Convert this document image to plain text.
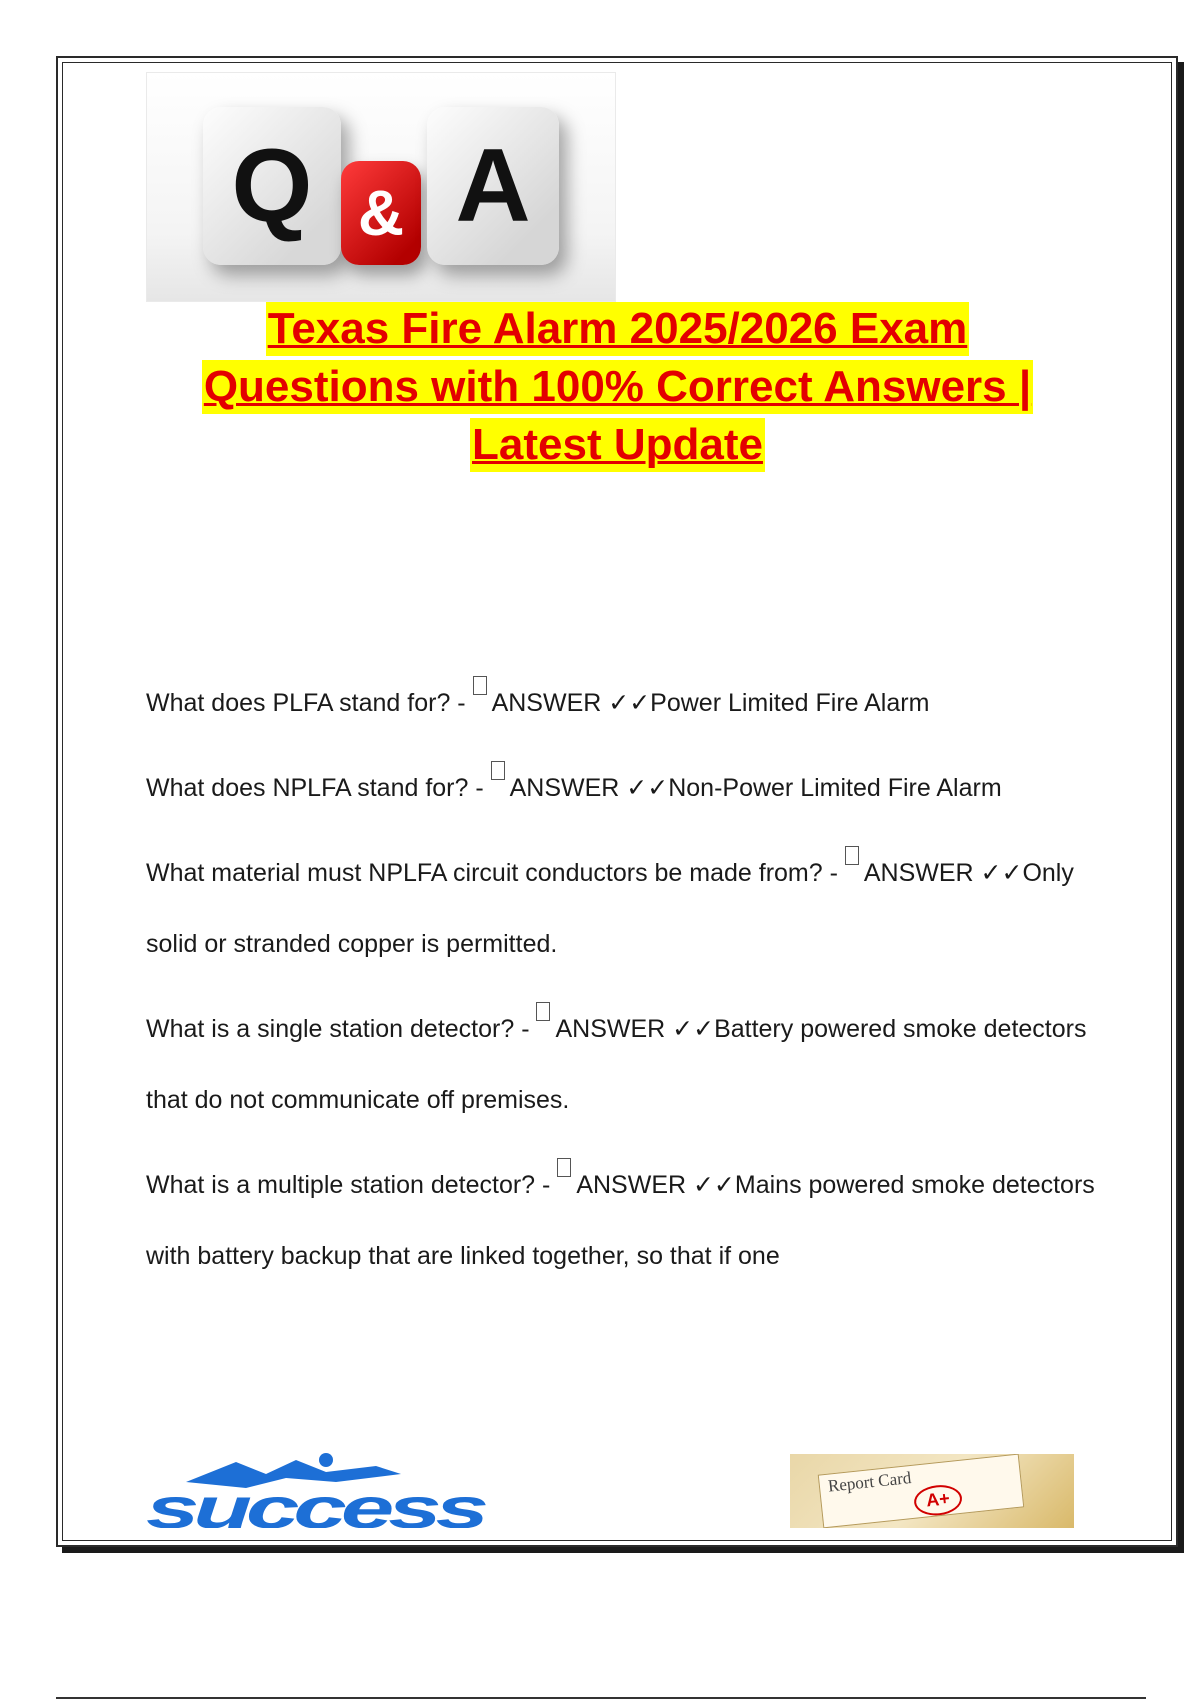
Q & A
Texas Fire Alarm 2025/2026 Exam
Questions with 100% Correct Answers |
Latest Update

What does PLFA stand for? - ANSWER ✓✓Power Limited Fire Alarm

What does NPLFA stand for? - ANSWER ✓✓Non-Power Limited Fire Alarm

What material must NPLFA circuit conductors be made from? - ANSWER ✓✓Only solid or stranded copper is permitted.

What is a single station detector? - ANSWER ✓✓Battery powered smoke detectors that do not communicate off premises.

What is a multiple station detector? - ANSWER ✓✓Mains powered smoke detectors with battery backup that are linked together, so that if one

success	Report Card
A+
